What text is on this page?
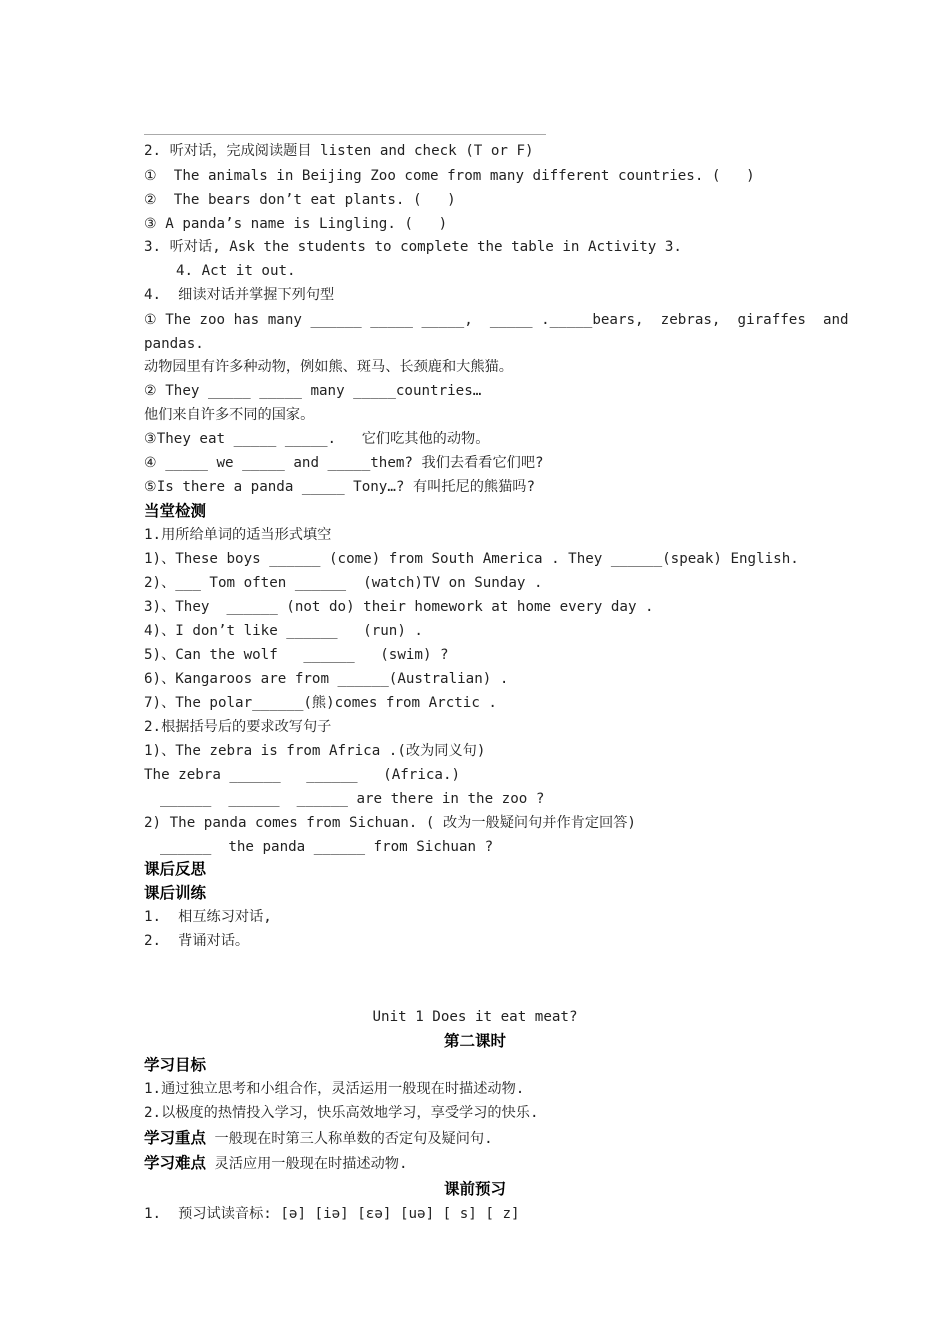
2. 听对话，完成阅读题目 listen and check (T or F)
①  The animals in Beijing Zoo come from many different countries. (   )
②  The bears don’t eat plants. (   )
③ A panda’s name is Lingling. (   )
3. 听对话, Ask the students to complete the table in Activity 3.
4. Act it out.
4.  细读对话并掌握下列句型
① The zoo has many ______ _____ _____,  _____ ._____bears,  zebras,  giraffes  and
pandas.
动物园里有许多种动物，例如熊、斑马、长颈鹿和大熊猫。
② They _____ _____ many _____countries…
他们来自许多不同的国家。
③They eat _____ _____.   它们吃其他的动物。
④ _____ we _____ and _____them? 我们去看看它们吧?
⑤Is there a panda _____ Tony…? 有叫托尼的熊猫吗?
当堂检测
1.用所给单词的适当形式填空
1)、These boys ______ (come) from South America . They ______(speak) English.
2)、___ Tom often ______  (watch)TV on Sunday .
3)、They  ______ (not do) their homework at home every day .
4)、I don’t like ______   (run) .
5)、Can the wolf   ______   (swim) ?
6)、Kangaroos are from ______(Australian) .
7)、The polar______(熊)comes from Arctic .
2.根据括号后的要求改写句子
1)、The zebra is from Africa .(改为同义句)
The zebra ______   ______   (Africa.)
______  ______  ______ are there in the zoo ?
2) The panda comes from Sichuan. ( 改为一般疑问句并作肯定回答)
______  the panda ______ from Sichuan ?
课后反思
课后训练
1.  相互练习对话,
2.  背诵对话。
Unit 1 Does it eat meat?
第二课时
学习目标
1.通过独立思考和小组合作，灵活运用一般现在时描述动物.
2.以极度的热情投入学习，快乐高效地学习，享受学习的快乐.
学习重点 一般现在时第三人称单数的否定句及疑问句.
学习难点 灵活应用一般现在时描述动物.
课前预习
1.  预习试读音标: [ə] [iə] [εə] [uə] [ s] [ z]
